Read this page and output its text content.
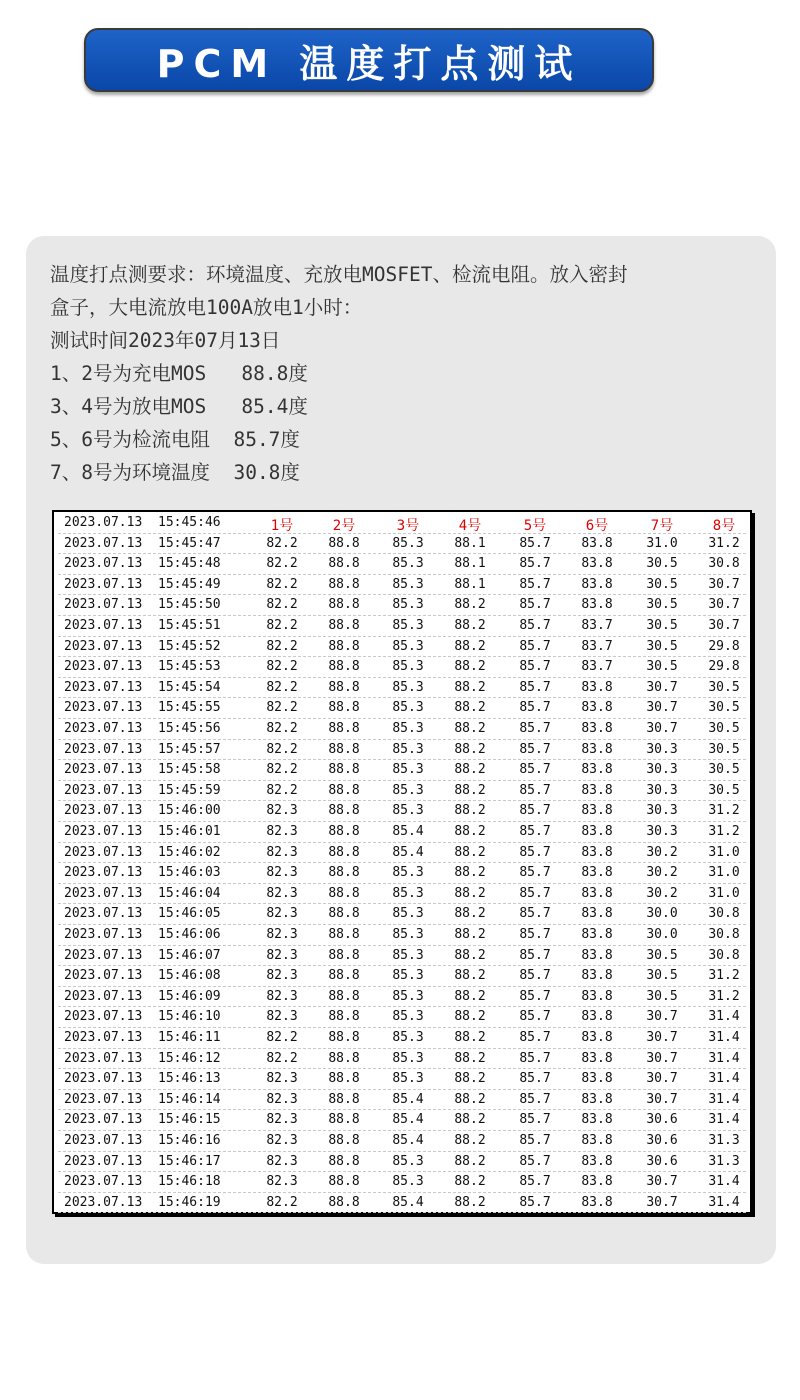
PCM 温度打点测试
温度打点测要求：环境温度、充放电MOSFET、检流电阻。放入密封
盒子，大电流放电100A放电1小时：
测试时间2023年07月13日
1、2号为充电MOS   88.8度
3、4号为放电MOS   85.4度
5、6号为检流电阻  85.7度
7、8号为环境温度  30.8度
2023.07.13 15:45:46	1号	2号	3号	4号	5号	6号	7号	8号
2023.07.13 15:45:47	82.2	88.8	85.3	88.1	85.7	83.8	31.0	31.2
2023.07.13 15:45:48	82.2	88.8	85.3	88.1	85.7	83.8	30.5	30.8
2023.07.13 15:45:49	82.2	88.8	85.3	88.1	85.7	83.8	30.5	30.7
2023.07.13 15:45:50	82.2	88.8	85.3	88.2	85.7	83.8	30.5	30.7
2023.07.13 15:45:51	82.2	88.8	85.3	88.2	85.7	83.7	30.5	30.7
2023.07.13 15:45:52	82.2	88.8	85.3	88.2	85.7	83.7	30.5	29.8
2023.07.13 15:45:53	82.2	88.8	85.3	88.2	85.7	83.7	30.5	29.8
2023.07.13 15:45:54	82.2	88.8	85.3	88.2	85.7	83.8	30.7	30.5
2023.07.13 15:45:55	82.2	88.8	85.3	88.2	85.7	83.8	30.7	30.5
2023.07.13 15:45:56	82.2	88.8	85.3	88.2	85.7	83.8	30.7	30.5
2023.07.13 15:45:57	82.2	88.8	85.3	88.2	85.7	83.8	30.3	30.5
2023.07.13 15:45:58	82.2	88.8	85.3	88.2	85.7	83.8	30.3	30.5
2023.07.13 15:45:59	82.2	88.8	85.3	88.2	85.7	83.8	30.3	30.5
2023.07.13 15:46:00	82.3	88.8	85.3	88.2	85.7	83.8	30.3	31.2
2023.07.13 15:46:01	82.3	88.8	85.4	88.2	85.7	83.8	30.3	31.2
2023.07.13 15:46:02	82.3	88.8	85.4	88.2	85.7	83.8	30.2	31.0
2023.07.13 15:46:03	82.3	88.8	85.3	88.2	85.7	83.8	30.2	31.0
2023.07.13 15:46:04	82.3	88.8	85.3	88.2	85.7	83.8	30.2	31.0
2023.07.13 15:46:05	82.3	88.8	85.3	88.2	85.7	83.8	30.0	30.8
2023.07.13 15:46:06	82.3	88.8	85.3	88.2	85.7	83.8	30.0	30.8
2023.07.13 15:46:07	82.3	88.8	85.3	88.2	85.7	83.8	30.5	30.8
2023.07.13 15:46:08	82.3	88.8	85.3	88.2	85.7	83.8	30.5	31.2
2023.07.13 15:46:09	82.3	88.8	85.3	88.2	85.7	83.8	30.5	31.2
2023.07.13 15:46:10	82.3	88.8	85.3	88.2	85.7	83.8	30.7	31.4
2023.07.13 15:46:11	82.2	88.8	85.3	88.2	85.7	83.8	30.7	31.4
2023.07.13 15:46:12	82.2	88.8	85.3	88.2	85.7	83.8	30.7	31.4
2023.07.13 15:46:13	82.3	88.8	85.3	88.2	85.7	83.8	30.7	31.4
2023.07.13 15:46:14	82.3	88.8	85.4	88.2	85.7	83.8	30.7	31.4
2023.07.13 15:46:15	82.3	88.8	85.4	88.2	85.7	83.8	30.6	31.4
2023.07.13 15:46:16	82.3	88.8	85.4	88.2	85.7	83.8	30.6	31.3
2023.07.13 15:46:17	82.3	88.8	85.3	88.2	85.7	83.8	30.6	31.3
2023.07.13 15:46:18	82.3	88.8	85.3	88.2	85.7	83.8	30.7	31.4
2023.07.13 15:46:19	82.2	88.8	85.4	88.2	85.7	83.8	30.7	31.4
